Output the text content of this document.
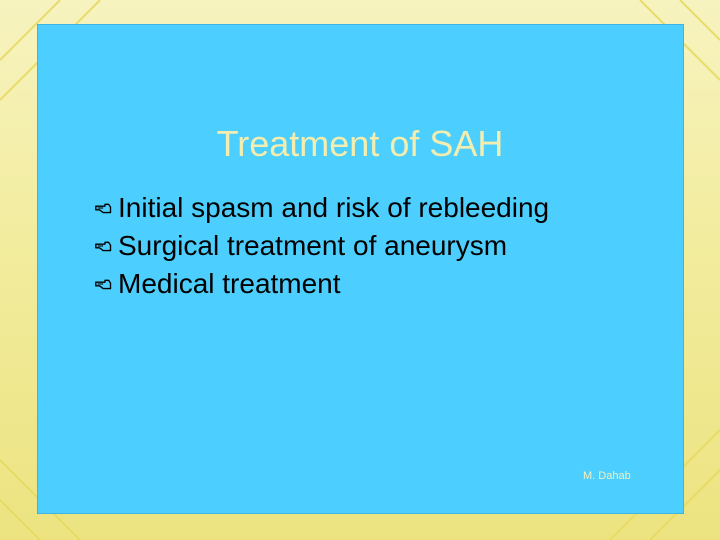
Treatment of SAH
Initial spasm and risk of rebleeding
Surgical treatment of aneurysm
Medical treatment
M. Dahab
